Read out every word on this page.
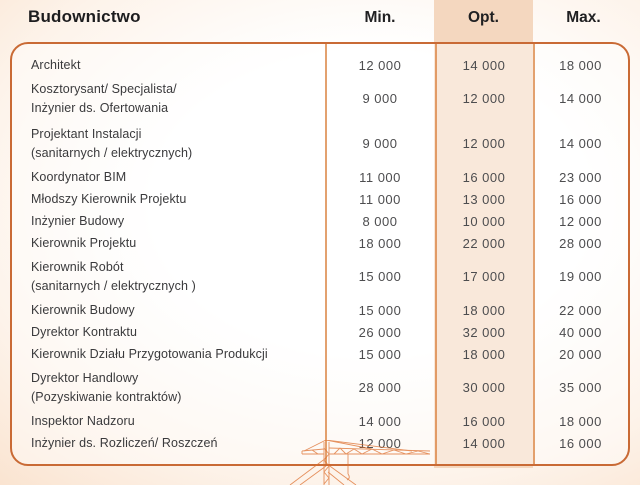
Budownictwo	Min.	Opt.	Max.
Architekt	12 000	14 000	18 000
Kosztorysant/ Specjalista/
Inżynier ds. Ofertowania
9 000	12 000	14 000
Projektant Instalacji
(sanitarnych / elektrycznych)
9 000	12 000	14 000
Koordynator BIM	11 000	16 000	23 000
Młodszy Kierownik Projektu	11 000	13 000	16 000
Inżynier Budowy	8 000	10 000	12 000
Kierownik Projektu	18 000	22 000	28 000
Kierownik Robót
(sanitarnych / elektrycznych )
15 000	17 000	19 000
Kierownik Budowy	15 000	18 000	22 000
Dyrektor Kontraktu	26 000	32 000	40 000
Kierownik Działu Przygotowania Produkcji	15 000	18 000	20 000
Dyrektor Handlowy
(Pozyskiwanie kontraktów)
28 000	30 000	35 000
Inspektor Nadzoru	14 000	16 000	18 000
Inżynier ds. Rozliczeń/ Roszczeń	12 000	14 000	16 000
